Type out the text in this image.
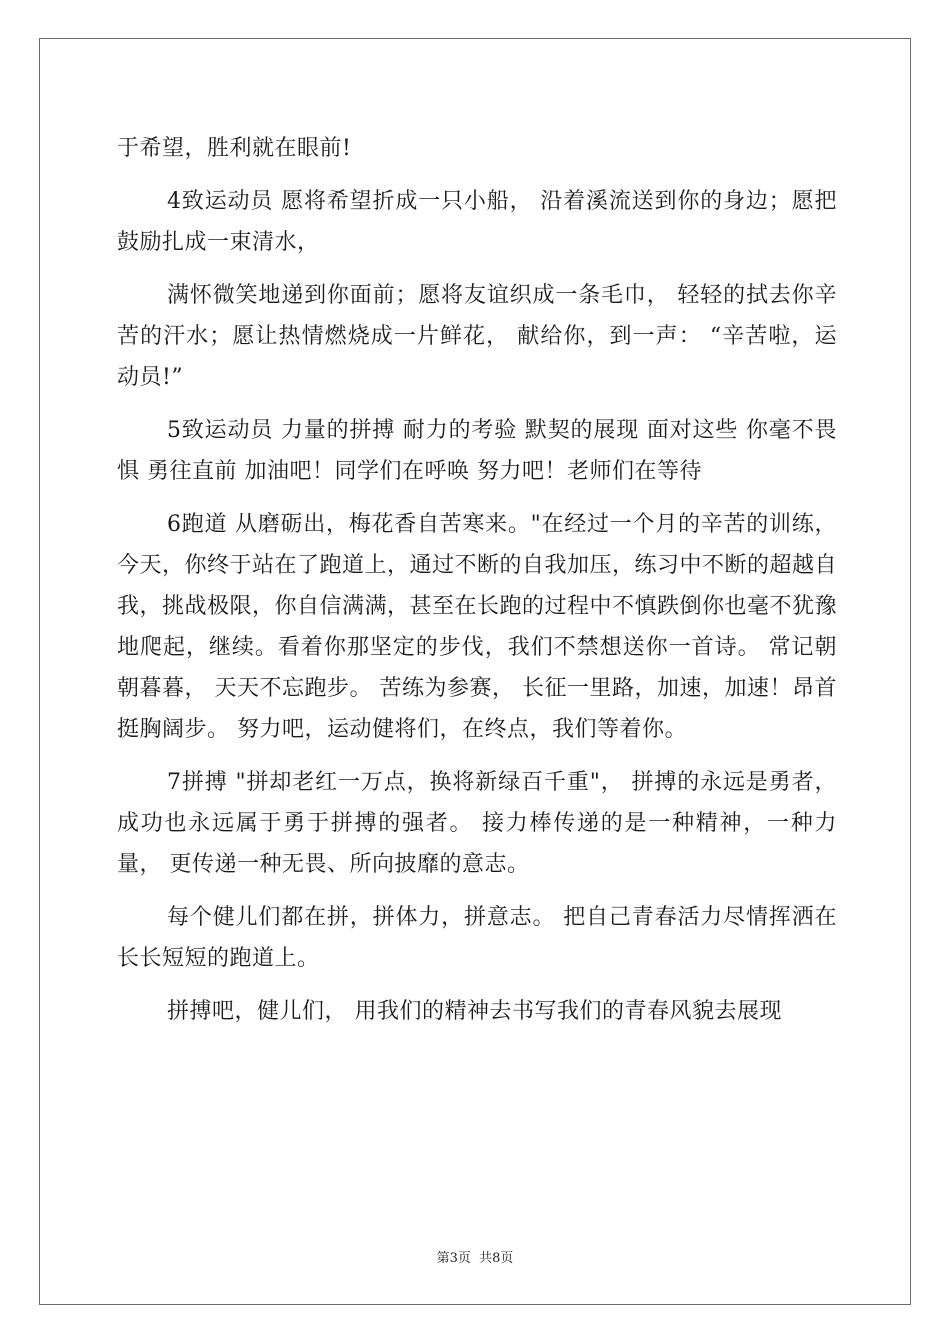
于希望，胜利就在眼前!

4致运动员 愿将希望折成一只小船， 沿着溪流送到你的身边；愿把鼓励扎成一束清水，

满怀微笑地递到你面前；愿将友谊织成一条毛巾， 轻轻的拭去你辛苦的汗水；愿让热情燃烧成一片鲜花， 献给你，到一声： “辛苦啦，运动员!”

5致运动员 力量的拼搏 耐力的考验 默契的展现 面对这些 你毫不畏惧 勇往直前 加油吧！同学们在呼唤 努力吧！老师们在等待

6跑道 从磨砺出，梅花香自苦寒来。"在经过一个月的辛苦的训练，今天，你终于站在了跑道上，通过不断的自我加压，练习中不断的超越自我，挑战极限，你自信满满，甚至在长跑的过程中不慎跌倒你也毫不犹豫地爬起，继续。看着你那坚定的步伐，我们不禁想送你一首诗。 常记朝朝暮暮， 天天不忘跑步。 苦练为参赛， 长征一里路，加速，加速！昂首挺胸阔步。 努力吧，运动健将们，在终点，我们等着你。

7拼搏 "拼却老红一万点，换将新绿百千重"， 拼搏的永远是勇者， 成功也永远属于勇于拼搏的强者。 接力棒传递的是一种精神，一种力量， 更传递一种无畏、所向披靡的意志。

每个健儿们都在拼，拼体力，拼意志。 把自己青春活力尽情挥洒在长长短短的跑道上。

拼搏吧，健儿们， 用我们的精神去书写我们的青春风貌去展现

第3页 共8页
